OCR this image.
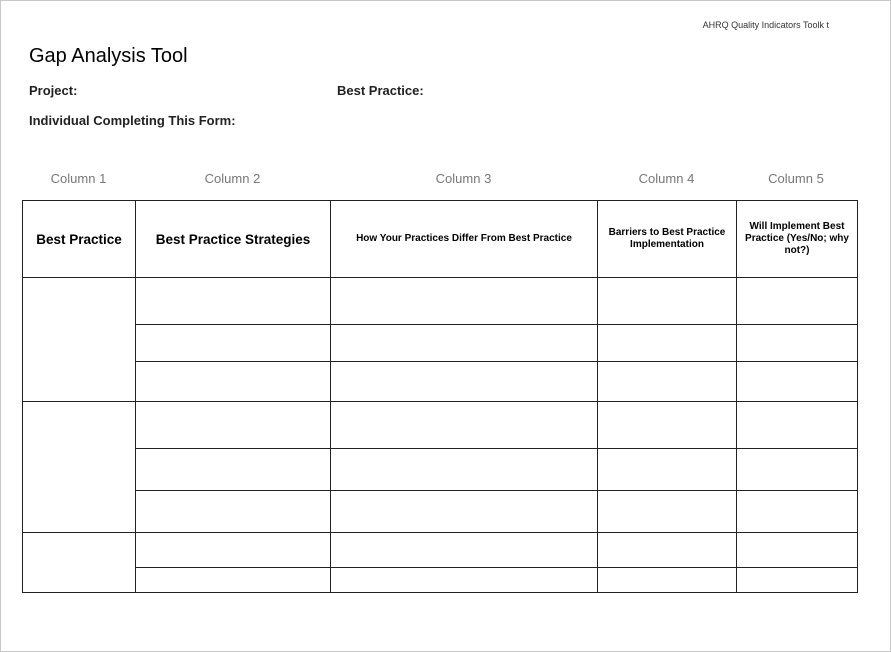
AHRQ Quality Indicators Toolk t
Gap Analysis Tool
Project:	Best Practice:
Individual Completing This Form:
Column 1	Column 2	Column 3	Column 4	Column 5
Best Practice	Best Practice Strategies	How Your Practices Differ From Best Practice	Barriers to Best Practice Implementation	Will Implement Best Practice (Yes/No; why not?)
